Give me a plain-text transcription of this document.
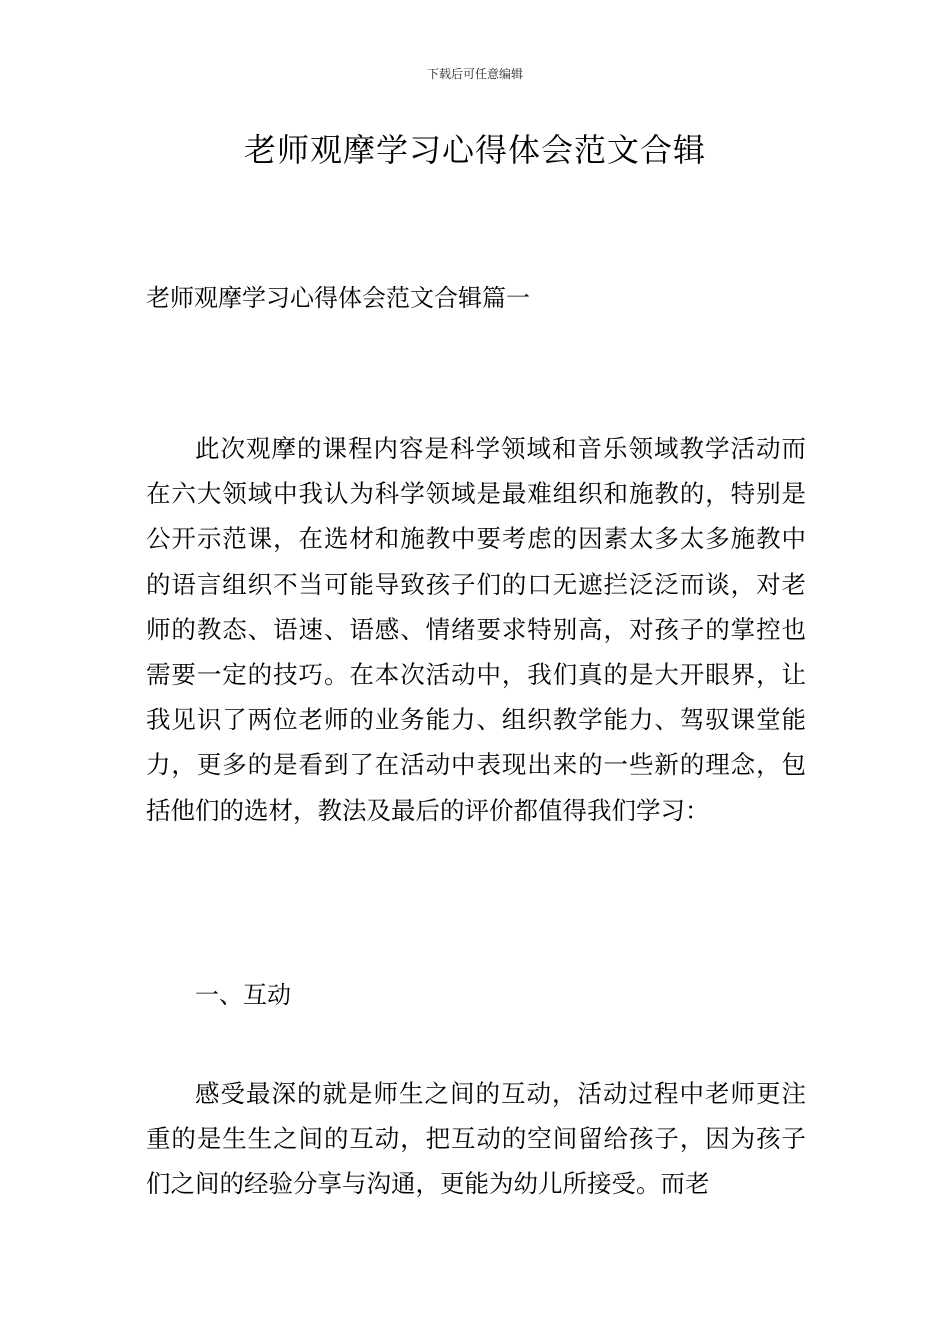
下载后可任意编辑
老师观摩学习心得体会范文合辑
老师观摩学习心得体会范文合辑篇一

此次观摩的课程内容是科学领域和音乐领域教学活动而在六大领域中我认为科学领域是最难组织和施教的，特别是公开示范课，在选材和施教中要考虑的因素太多太多施教中的语言组织不当可能导致孩子们的口无遮拦泛泛而谈，对老师的教态、语速、语感、情绪要求特别高，对孩子的掌控也需要一定的技巧。在本次活动中，我们真的是大开眼界，让我见识了两位老师的业务能力、组织教学能力、驾驭课堂能力，更多的是看到了在活动中表现出来的一些新的理念，包括他们的选材，教法及最后的评价都值得我们学习：

一、互动

感受最深的就是师生之间的互动，活动过程中老师更注重的是生生之间的互动，把互动的空间留给孩子，因为孩子们之间的经验分享与沟通，更能为幼儿所接受。而老
